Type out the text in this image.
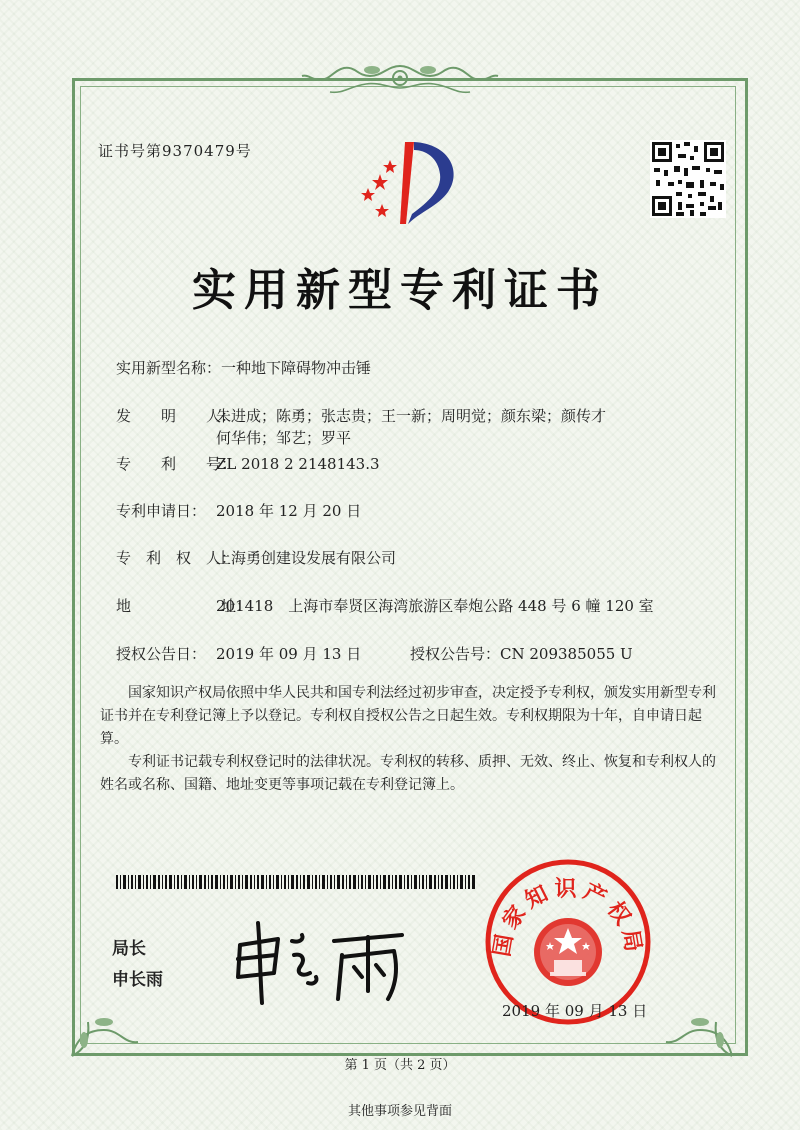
证书号第9370479号
实用新型专利证书
实用新型名称：一种地下障碍物冲击锤
发　　明　　人：朱进成；陈勇；张志贵；王一新；周明觉；颜东梁；颜传才
何华伟；邹艺；罗平
专　　利　　号：ZL 2018 2 2148143.3
专利申请日： 2018 年 12 月 20 日
专　利　权　人：上海勇创建设发展有限公司
地　　　　　　址：201418　上海市奉贤区海湾旅游区奉炮公路 448 号 6 幢 120 室
授权公告日： 2019 年 09 月 13 日	授权公告号：CN 209385055 U
国家知识产权局依照中华人民共和国专利法经过初步审查，决定授予专利权，颁发实用新型专利证书并在专利登记簿上予以登记。专利权自授权公告之日起生效。专利权期限为十年，自申请日起算。
专利证书记载专利权登记时的法律状况。专利权的转移、质押、无效、终止、恢复和专利权人的姓名或名称、国籍、地址变更等事项记载在专利登记簿上。
局长
申长雨
国家知识产权局
2019 年 09 月 13 日
第 1 页（共 2 页）
其他事项参见背面
